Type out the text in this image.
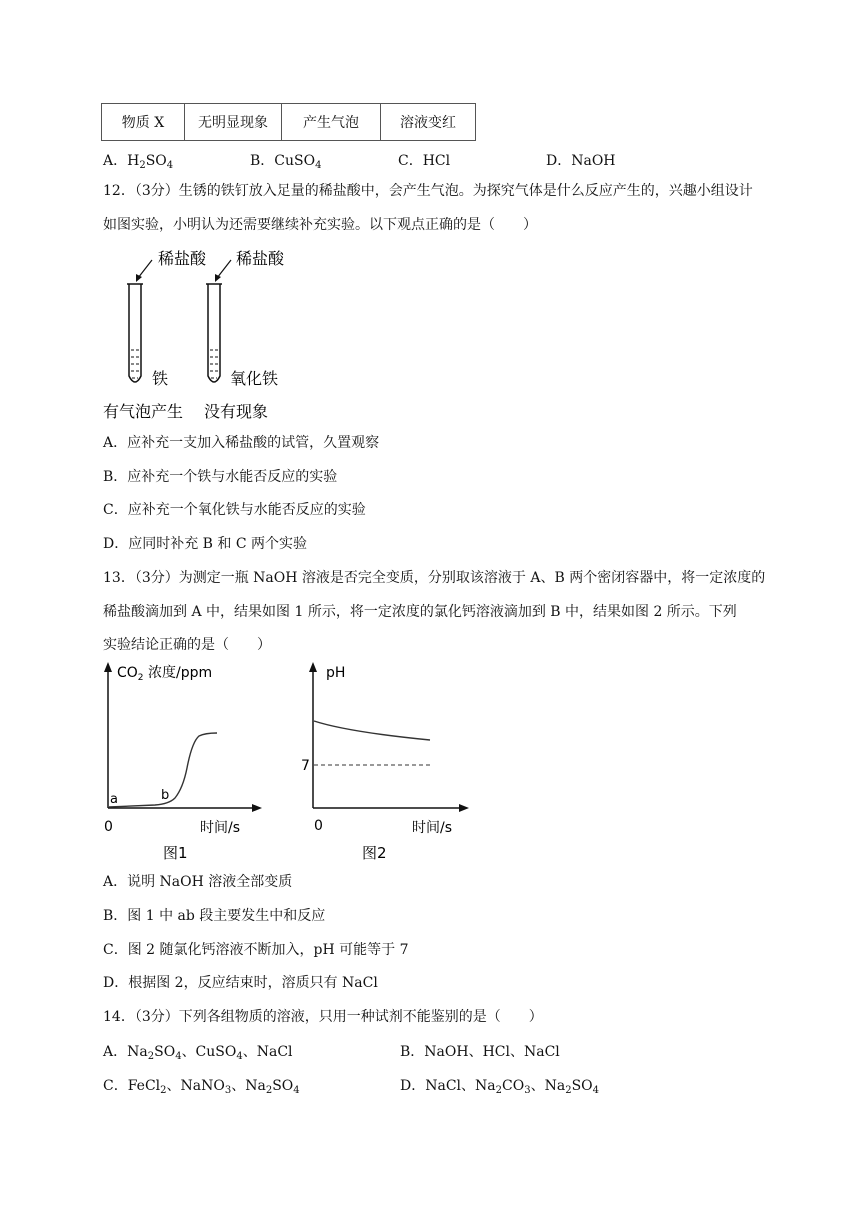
物质 X	无明显现象	产生气泡	溶液变红
A．$H_2SO_4$	B．CuSO$_4$	C．HCl	D．NaOH
12．（3分）生锈的铁钉放入足量的稀盐酸中，会产生气泡。为探究气体是什么反应产生的，兴趣小组设计
如图实验，小明认为还需要继续补充实验。以下观点正确的是（　　）
稀盐酸
铁
有气泡产生
稀盐酸
氧化铁
没有现象
A．应补充一支加入稀盐酸的试管，久置观察
B．应补充一个铁与水能否反应的实验
C．应补充一个氧化铁与水能否反应的实验
D．应同时补充 B 和 C 两个实验
13．（3分）为测定一瓶 NaOH 溶液是否完全变质，分别取该溶液于 A、B 两个密闭容器中，将一定浓度的
稀盐酸滴加到 A 中，结果如图 1 所示，将一定浓度的氯化钙溶液滴加到 B 中，结果如图 2 所示。下列
实验结论正确的是（　　）
$CO_2$ 浓度/ppm
a	b
0	时间/s
图1
pH
7
0	时间/s
图2
A．说明 NaOH 溶液全部变质
B．图 1 中 ab 段主要发生中和反应
C．图 2 随氯化钙溶液不断加入，pH 可能等于 7
D．根据图 2，反应结束时，溶质只有 NaCl
14．（3分）下列各组物质的溶液，只用一种试剂不能鉴别的是（　　）
A．$Na_2SO_4$、CuSO$_4$、NaCl	B．NaOH、HCl、NaCl
C．FeCl$_2$、NaNO$_3$、$Na_2SO_4$	D．NaCl、$Na_2CO_3$、$Na_2SO_4$
